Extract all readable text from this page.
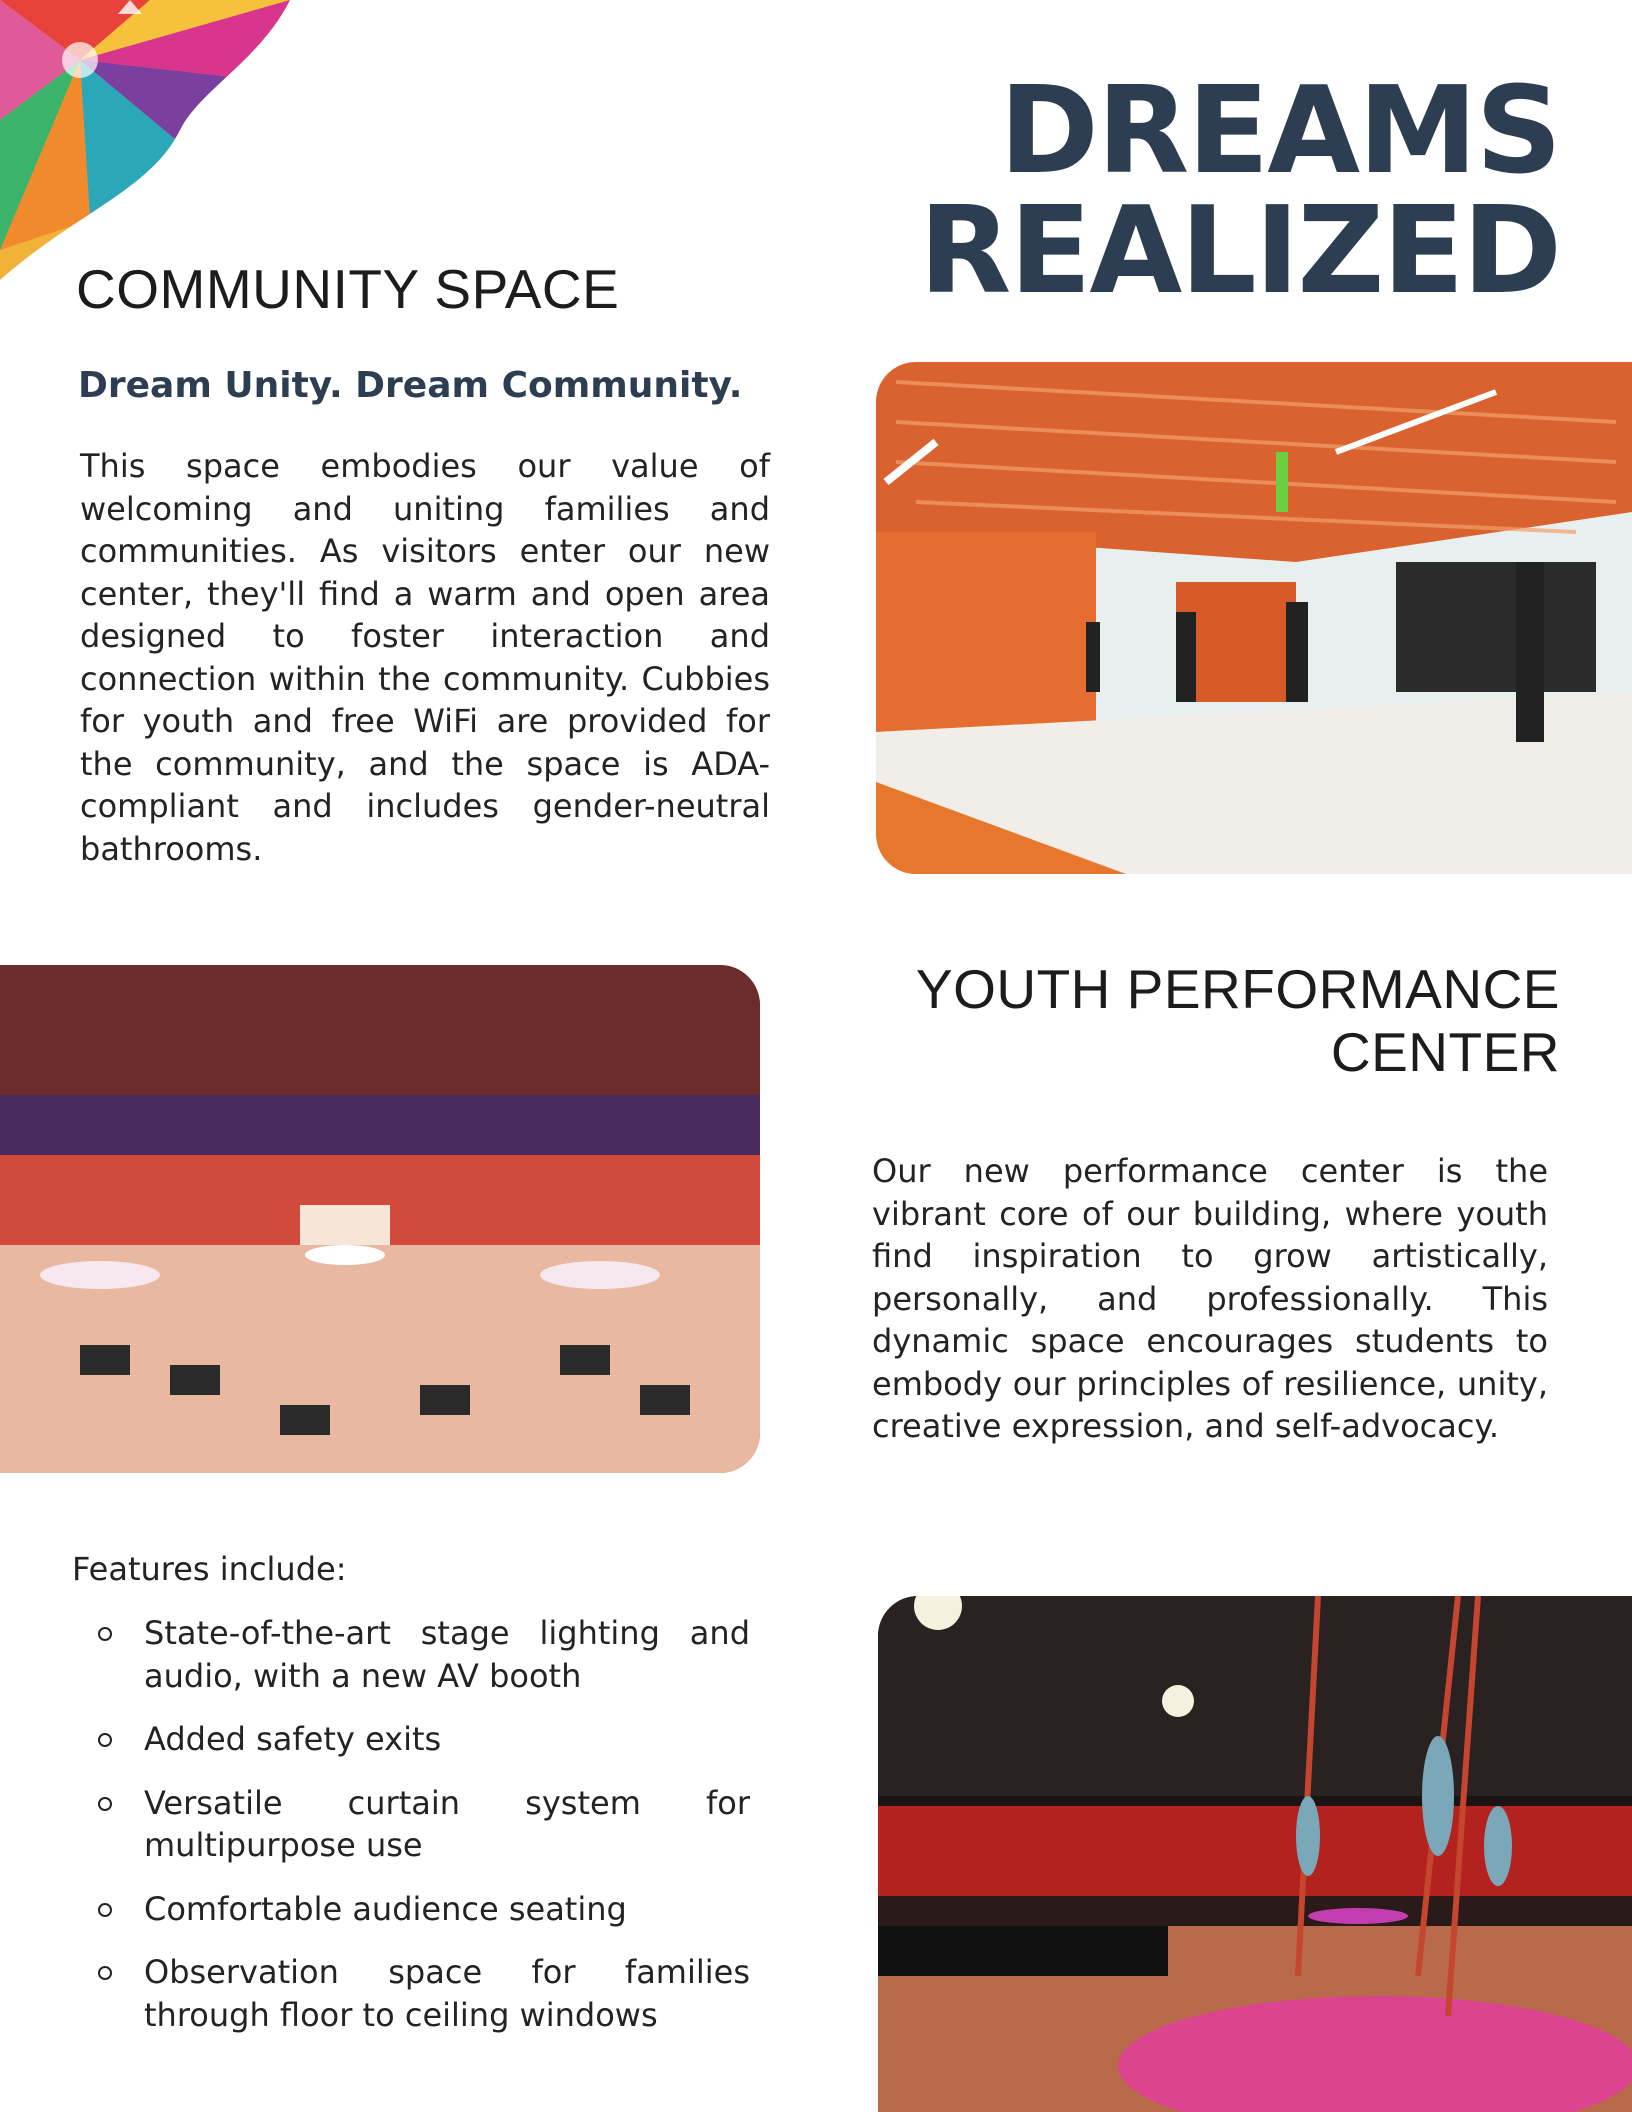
DREAMS REALIZED
COMMUNITY SPACE

Dream Unity. Dream Community.

This space embodies our value of welcoming and uniting families and communities. As visitors enter our new center, they'll find a warm and open area designed to foster interaction and connection within the community. Cubbies for youth and free WiFi are provided for the community, and the space is ADA-compliant and includes gender-neutral bathrooms.

YOUTH PERFORMANCE
CENTER

Our new performance center is the vibrant core of our building, where youth find inspiration to grow artistically, personally, and professionally. This dynamic space encourages students to embody our principles of resilience, unity, creative expression, and self-advocacy.

Features include:

State-of-the-art stage lighting and audio, with a new AV booth
Added safety exits
Versatile curtain system for multipurpose use
Comfortable audience seating
Observation space for families through floor to ceiling windows
